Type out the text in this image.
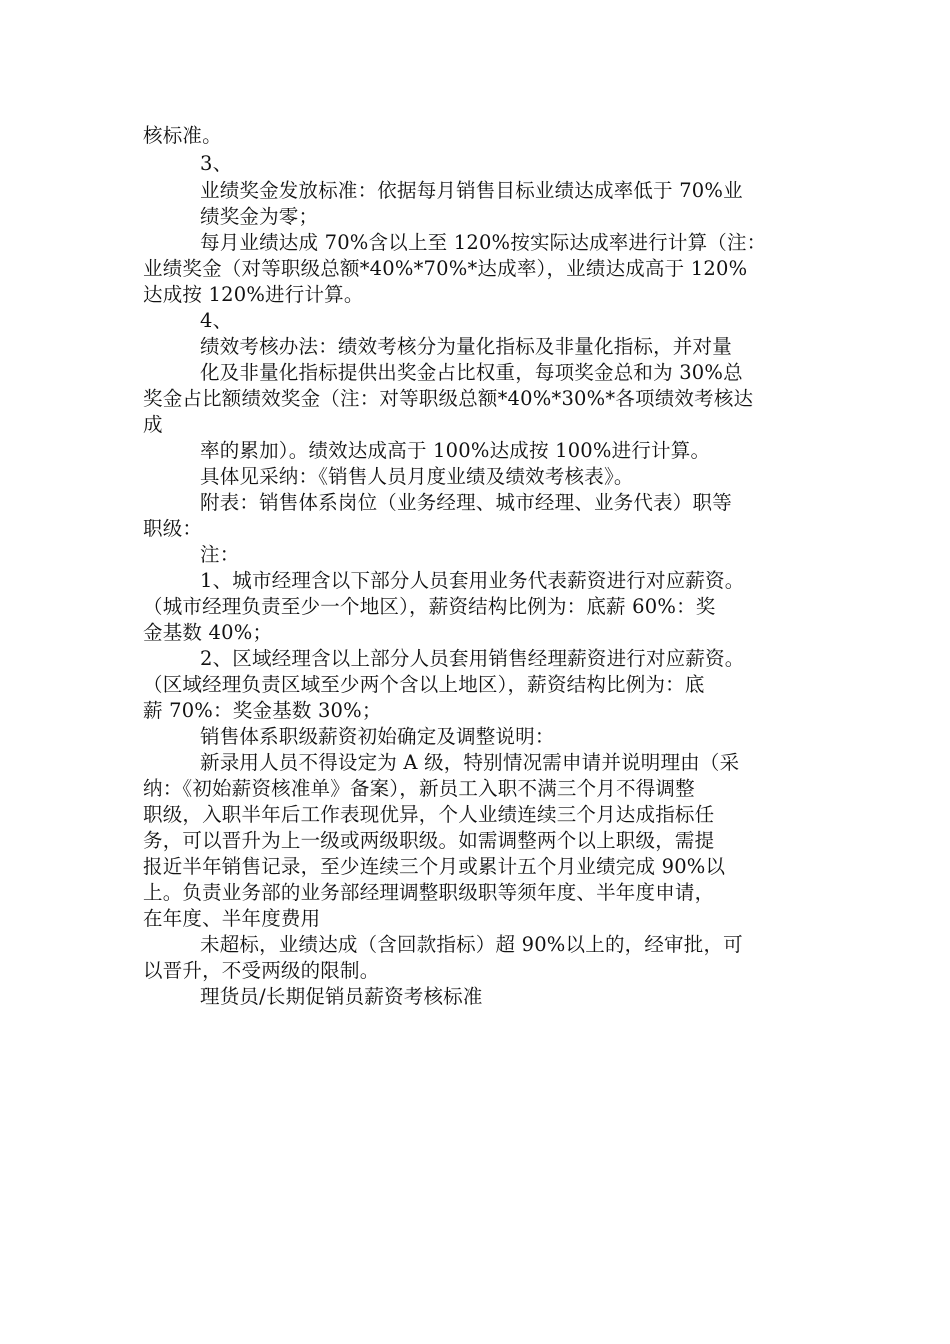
核标准。
3、
业绩奖金发放标准：依据每月销售目标业绩达成率低于 70%业
绩奖金为零；
每月业绩达成 70%含以上至 120%按实际达成率进行计算（注：
业绩奖金（对等职级总额*40%*70%*达成率），业绩达成高于 120%
达成按 120%进行计算。
4、
绩效考核办法：绩效考核分为量化指标及非量化指标，并对量
化及非量化指标提供出奖金占比权重，每项奖金总和为 30%总
奖金占比额绩效奖金（注：对等职级总额*40%*30%*各项绩效考核达
成
率的累加）。绩效达成高于 100%达成按 100%进行计算。
具体见采纳：《销售人员月度业绩及绩效考核表》。
附表：销售体系岗位（业务经理、城市经理、业务代表）职等
职级：
注：
1、城市经理含以下部分人员套用业务代表薪资进行对应薪资。
（城市经理负责至少一个地区），薪资结构比例为：底薪 60%：奖
金基数 40%；
2、区域经理含以上部分人员套用销售经理薪资进行对应薪资。
（区域经理负责区域至少两个含以上地区），薪资结构比例为：底
薪 70%：奖金基数 30%；
销售体系职级薪资初始确定及调整说明：
新录用人员不得设定为 A 级，特别情况需申请并说明理由（采
纳：《初始薪资核准单》备案），新员工入职不满三个月不得调整
职级，入职半年后工作表现优异，个人业绩连续三个月达成指标任
务，可以晋升为上一级或两级职级。如需调整两个以上职级，需提
报近半年销售记录，至少连续三个月或累计五个月业绩完成 90%以
上。负责业务部的业务部经理调整职级职等须年度、半年度申请，
在年度、半年度费用
未超标，业绩达成（含回款指标）超 90%以上的，经审批，可
以晋升，不受两级的限制。
理货员/长期促销员薪资考核标准
